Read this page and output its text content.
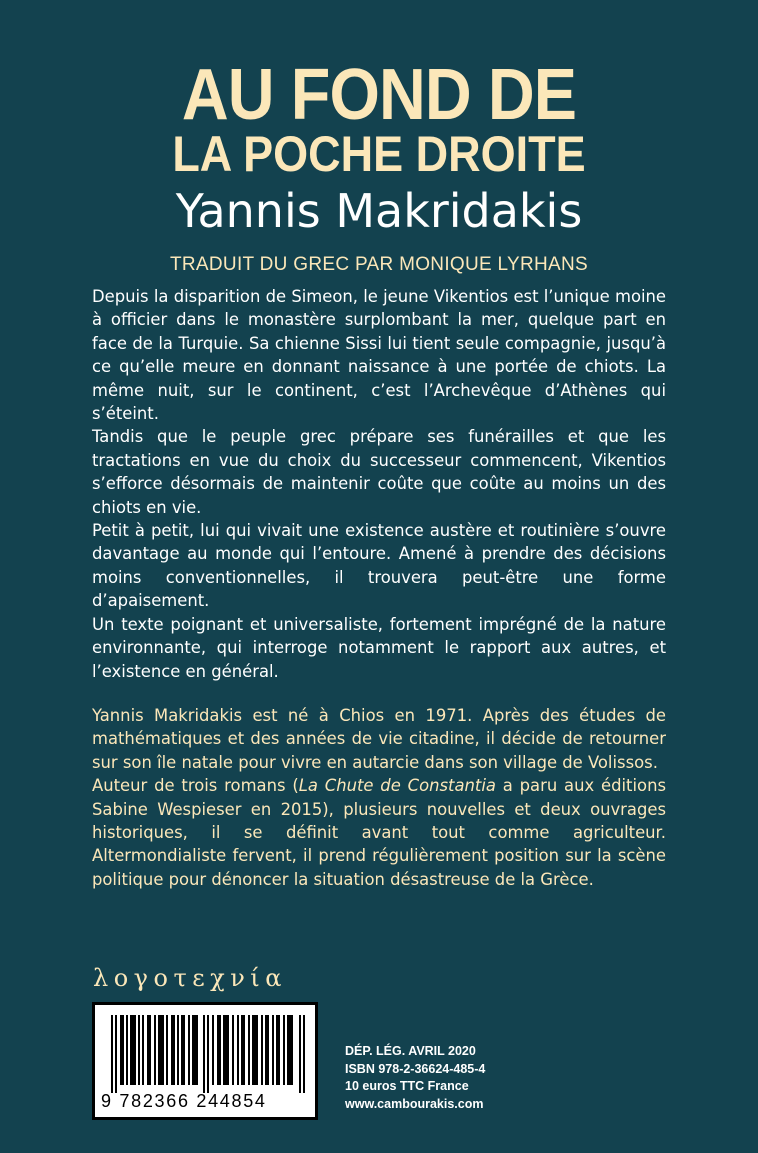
AU FOND DE
LA POCHE DROITE
Yannis Makridakis
TRADUIT DU GREC PAR MONIQUE LYRHANS

Depuis la disparition de Simeon, le jeune Vikentios est l’unique moine à officier dans le monastère surplombant la mer, quelque part en face de la Turquie. Sa chienne Sissi lui tient seule compagnie, jusqu’à ce qu’elle meure en donnant naissance à une portée de chiots. La même nuit, sur le continent, c’est l’Archevêque d’Athènes qui s’éteint.

Tandis que le peuple grec prépare ses funérailles et que les tractations en vue du choix du successeur commencent, Vikentios s’efforce désormais de maintenir coûte que coûte au moins un des chiots en vie.

Petit à petit, lui qui vivait une existence austère et routinière s’ouvre davantage au monde qui l’entoure. Amené à prendre des décisions moins conventionnelles, il trouvera peut-être une forme d’apaisement.

Un texte poignant et universaliste, fortement imprégné de la nature environnante, qui interroge notamment le rapport aux autres, et l’existence en général.

Yannis Makridakis est né à Chios en 1971. Après des études de mathématiques et des années de vie citadine, il décide de retourner sur son île natale pour vivre en autarcie dans son village de Volissos.

Auteur de trois romans (La Chute de Constantia a paru aux éditions Sabine Wespieser en 2015), plusieurs nouvelles et deux ouvrages historiques, il se définit avant tout comme agriculteur. Altermondialiste fervent, il prend régulièrement position sur la scène politique pour dénoncer la situation désastreuse de la Grèce.

λογοτεχνία
9 782366 244854
DÉP. LÉG. AVRIL 2020
ISBN 978-2-36624-485-4
10 euros TTC France
www.cambourakis.com
